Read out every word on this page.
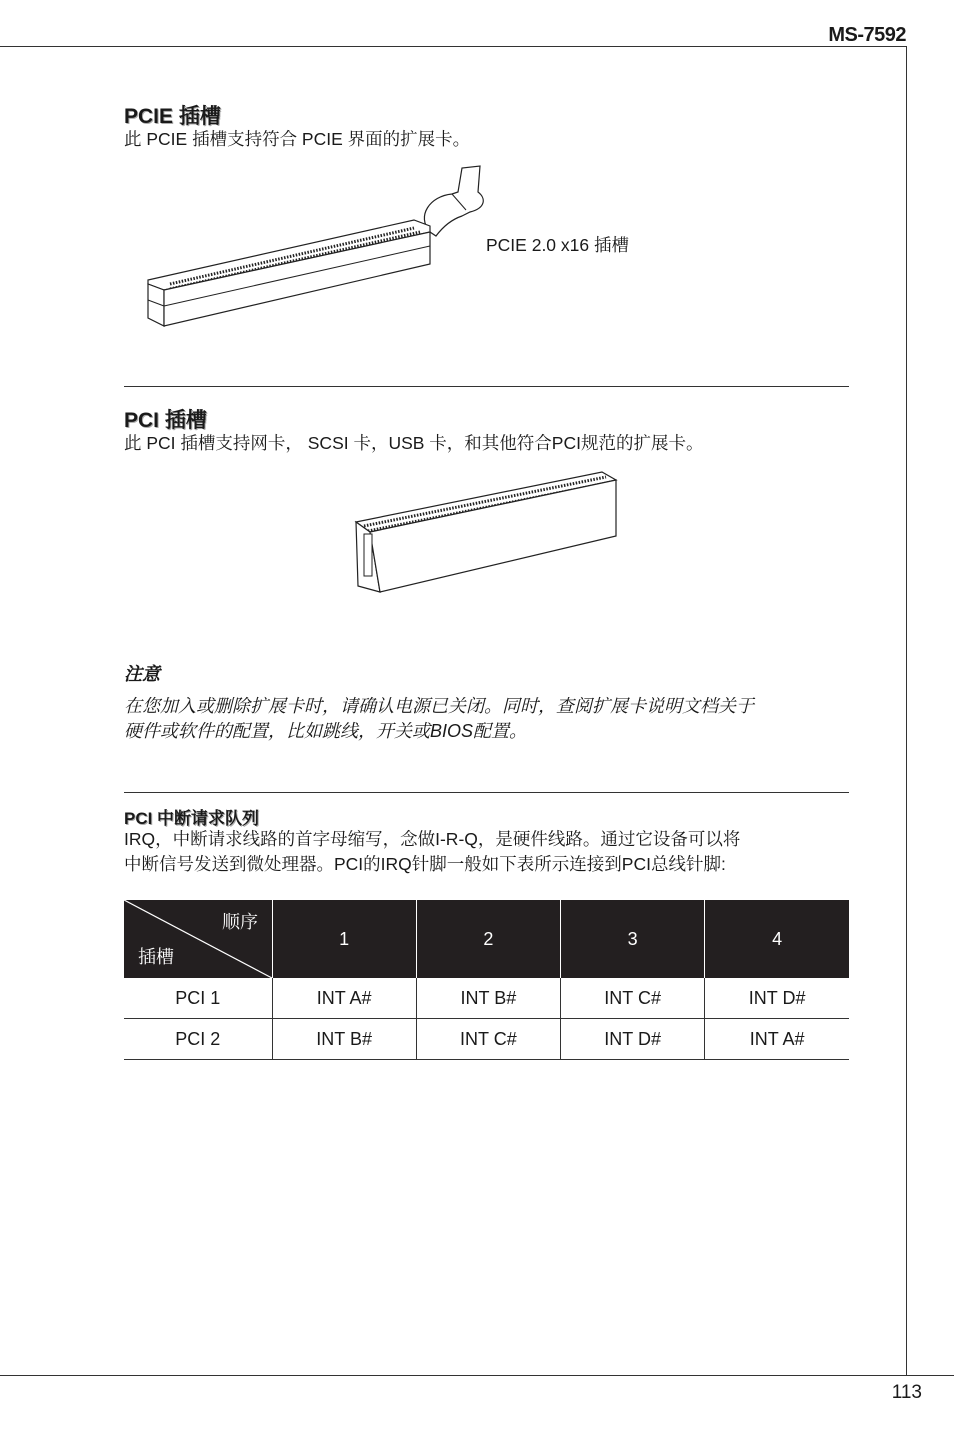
MS-7592
PCIE 插槽
此 PCIE 插槽支持符合 PCIE 界面的扩展卡。
PCIE 2.0 x16 插槽
PCI 插槽
此 PCI 插槽支持网卡， SCSI 卡，USB 卡，和其他符合PCI规范的扩展卡。
注意
在您加入或删除扩展卡时，请确认电源已关闭。同时，查阅扩展卡说明文档关于
硬件或软件的配置，比如跳线，开关或BIOS配置。
PCI 中断请求队列
IRQ，中断请求线路的首字母缩写，念做I-R-Q，是硬件线路。通过它设备可以将
中断信号发送到微处理器。PCI的IRQ针脚一般如下表所示连接到PCI总线针脚:
顺序
插槽	1	2	3	4
PCI 1	INT A#	INT B#	INT C#	INT D#
PCI 2	INT B#	INT C#	INT D#	INT A#
113
